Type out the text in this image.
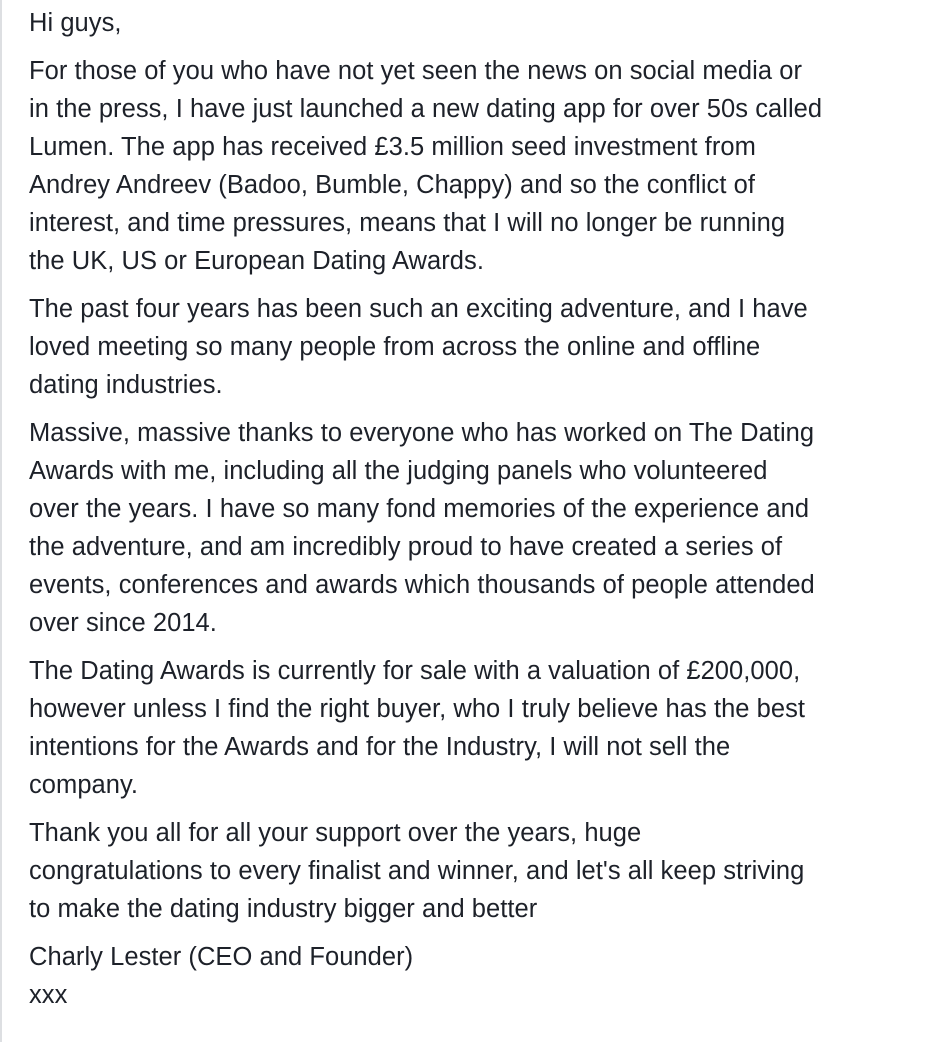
Hi guys,

For those of you who have not yet seen the news on social media or
in the press, I have just launched a new dating app for over 50s called
Lumen. The app has received £3.5 million seed investment from
Andrey Andreev (Badoo, Bumble, Chappy) and so the conflict of
interest, and time pressures, means that I will no longer be running
the UK, US or European Dating Awards.

The past four years has been such an exciting adventure, and I have
loved meeting so many people from across the online and offline
dating industries.

Massive, massive thanks to everyone who has worked on The Dating
Awards with me, including all the judging panels who volunteered
over the years. I have so many fond memories of the experience and
the adventure, and am incredibly proud to have created a series of
events, conferences and awards which thousands of people attended
over since 2014.

The Dating Awards is currently for sale with a valuation of £200,000,
however unless I find the right buyer, who I truly believe has the best
intentions for the Awards and for the Industry, I will not sell the
company.

Thank you all for all your support over the years, huge
congratulations to every finalist and winner, and let's all keep striving
to make the dating industry bigger and better

Charly Lester (CEO and Founder)

xxx
